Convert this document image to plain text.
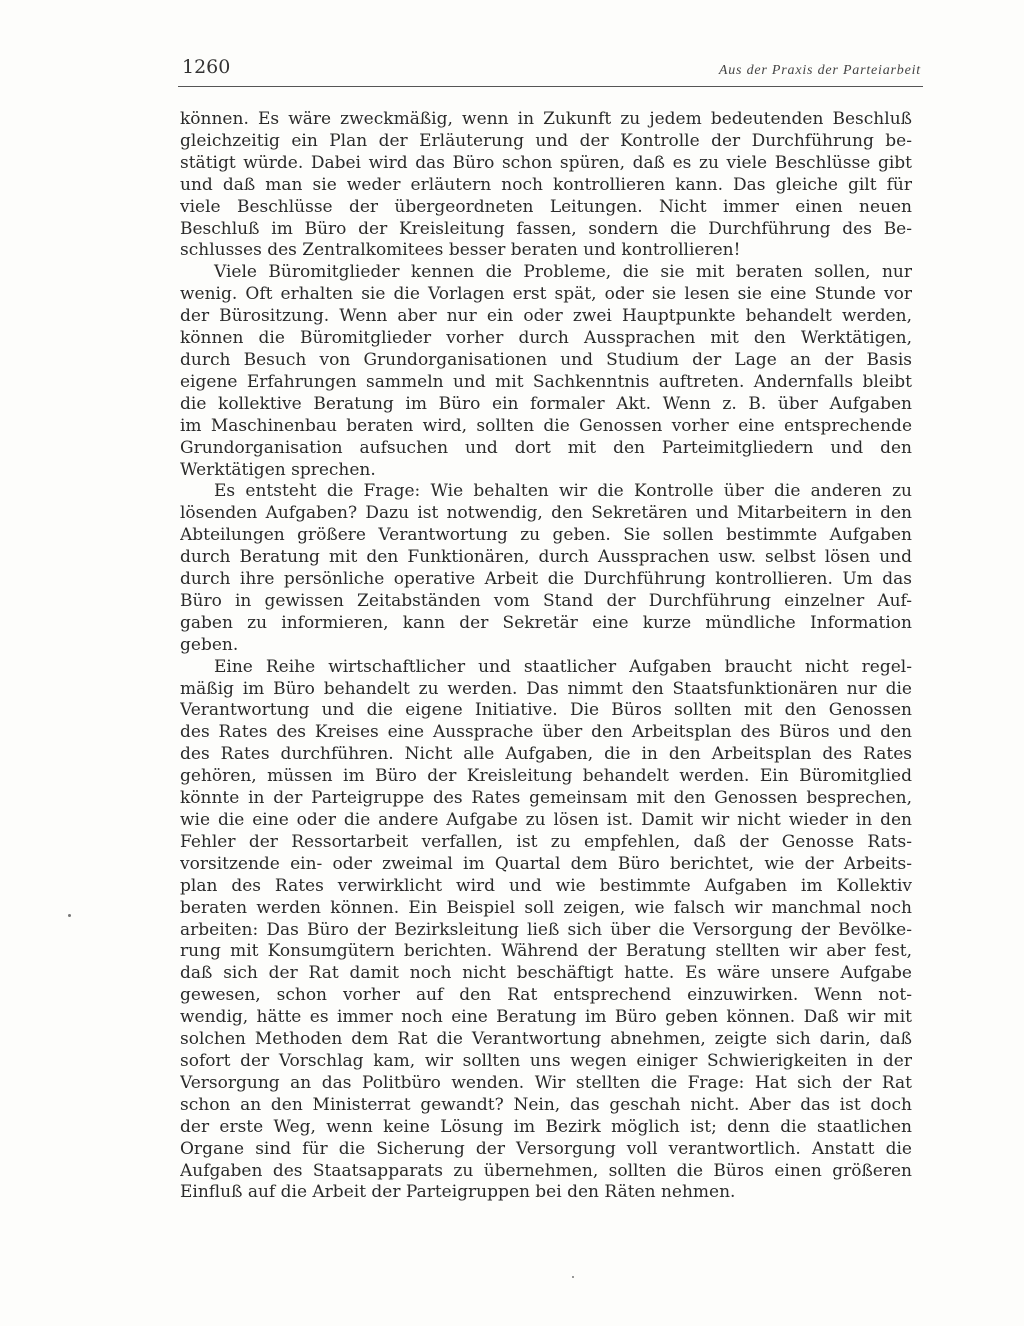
1260	Aus der Praxis der Parteiarbeit
können. Es wäre zweckmäßig, wenn in Zukunft zu jedem bedeutenden Beschluß
gleichzeitig ein Plan der Erläuterung und der Kontrolle der Durchführung be-
stätigt würde. Dabei wird das Büro schon spüren, daß es zu viele Beschlüsse gibt
und daß man sie weder erläutern noch kontrollieren kann. Das gleiche gilt für
viele Beschlüsse der übergeordneten Leitungen. Nicht immer einen neuen
Beschluß im Büro der Kreisleitung fassen, sondern die Durchführung des Be-
schlusses des Zentralkomitees besser beraten und kontrollieren!
Viele Büromitglieder kennen die Probleme, die sie mit beraten sollen, nur
wenig. Oft erhalten sie die Vorlagen erst spät, oder sie lesen sie eine Stunde vor
der Bürositzung. Wenn aber nur ein oder zwei Hauptpunkte behandelt werden,
können die Büromitglieder vorher durch Aussprachen mit den Werktätigen,
durch Besuch von Grundorganisationen und Studium der Lage an der Basis
eigene Erfahrungen sammeln und mit Sachkenntnis auftreten. Andernfalls bleibt
die kollektive Beratung im Büro ein formaler Akt. Wenn z. B. über Aufgaben
im Maschinenbau beraten wird, sollten die Genossen vorher eine entsprechende
Grundorganisation aufsuchen und dort mit den Parteimitgliedern und den
Werktätigen sprechen.
Es entsteht die Frage: Wie behalten wir die Kontrolle über die anderen zu
lösenden Aufgaben? Dazu ist notwendig, den Sekretären und Mitarbeitern in den
Abteilungen größere Verantwortung zu geben. Sie sollen bestimmte Aufgaben
durch Beratung mit den Funktionären, durch Aussprachen usw. selbst lösen und
durch ihre persönliche operative Arbeit die Durchführung kontrollieren. Um das
Büro in gewissen Zeitabständen vom Stand der Durchführung einzelner Auf-
gaben zu informieren, kann der Sekretär eine kurze mündliche Information
geben.
Eine Reihe wirtschaftlicher und staatlicher Aufgaben braucht nicht regel-
mäßig im Büro behandelt zu werden. Das nimmt den Staatsfunktionären nur die
Verantwortung und die eigene Initiative. Die Büros sollten mit den Genossen
des Rates des Kreises eine Aussprache über den Arbeitsplan des Büros und den
des Rates durchführen. Nicht alle Aufgaben, die in den Arbeitsplan des Rates
gehören, müssen im Büro der Kreisleitung behandelt werden. Ein Büromitglied
könnte in der Parteigruppe des Rates gemeinsam mit den Genossen besprechen,
wie die eine oder die andere Aufgabe zu lösen ist. Damit wir nicht wieder in den
Fehler der Ressortarbeit verfallen, ist zu empfehlen, daß der Genosse Rats-
vorsitzende ein- oder zweimal im Quartal dem Büro berichtet, wie der Arbeits-
plan des Rates verwirklicht wird und wie bestimmte Aufgaben im Kollektiv
beraten werden können. Ein Beispiel soll zeigen, wie falsch wir manchmal noch
arbeiten: Das Büro der Bezirksleitung ließ sich über die Versorgung der Bevölke-
rung mit Konsumgütern berichten. Während der Beratung stellten wir aber fest,
daß sich der Rat damit noch nicht beschäftigt hatte. Es wäre unsere Aufgabe
gewesen, schon vorher auf den Rat entsprechend einzuwirken. Wenn not-
wendig, hätte es immer noch eine Beratung im Büro geben können. Daß wir mit
solchen Methoden dem Rat die Verantwortung abnehmen, zeigte sich darin, daß
sofort der Vorschlag kam, wir sollten uns wegen einiger Schwierigkeiten in der
Versorgung an das Politbüro wenden. Wir stellten die Frage: Hat sich der Rat
schon an den Ministerrat gewandt? Nein, das geschah nicht. Aber das ist doch
der erste Weg, wenn keine Lösung im Bezirk möglich ist; denn die staatlichen
Organe sind für die Sicherung der Versorgung voll verantwortlich. Anstatt die
Aufgaben des Staatsapparats zu übernehmen, sollten die Büros einen größeren
Einfluß auf die Arbeit der Parteigruppen bei den Räten nehmen.
